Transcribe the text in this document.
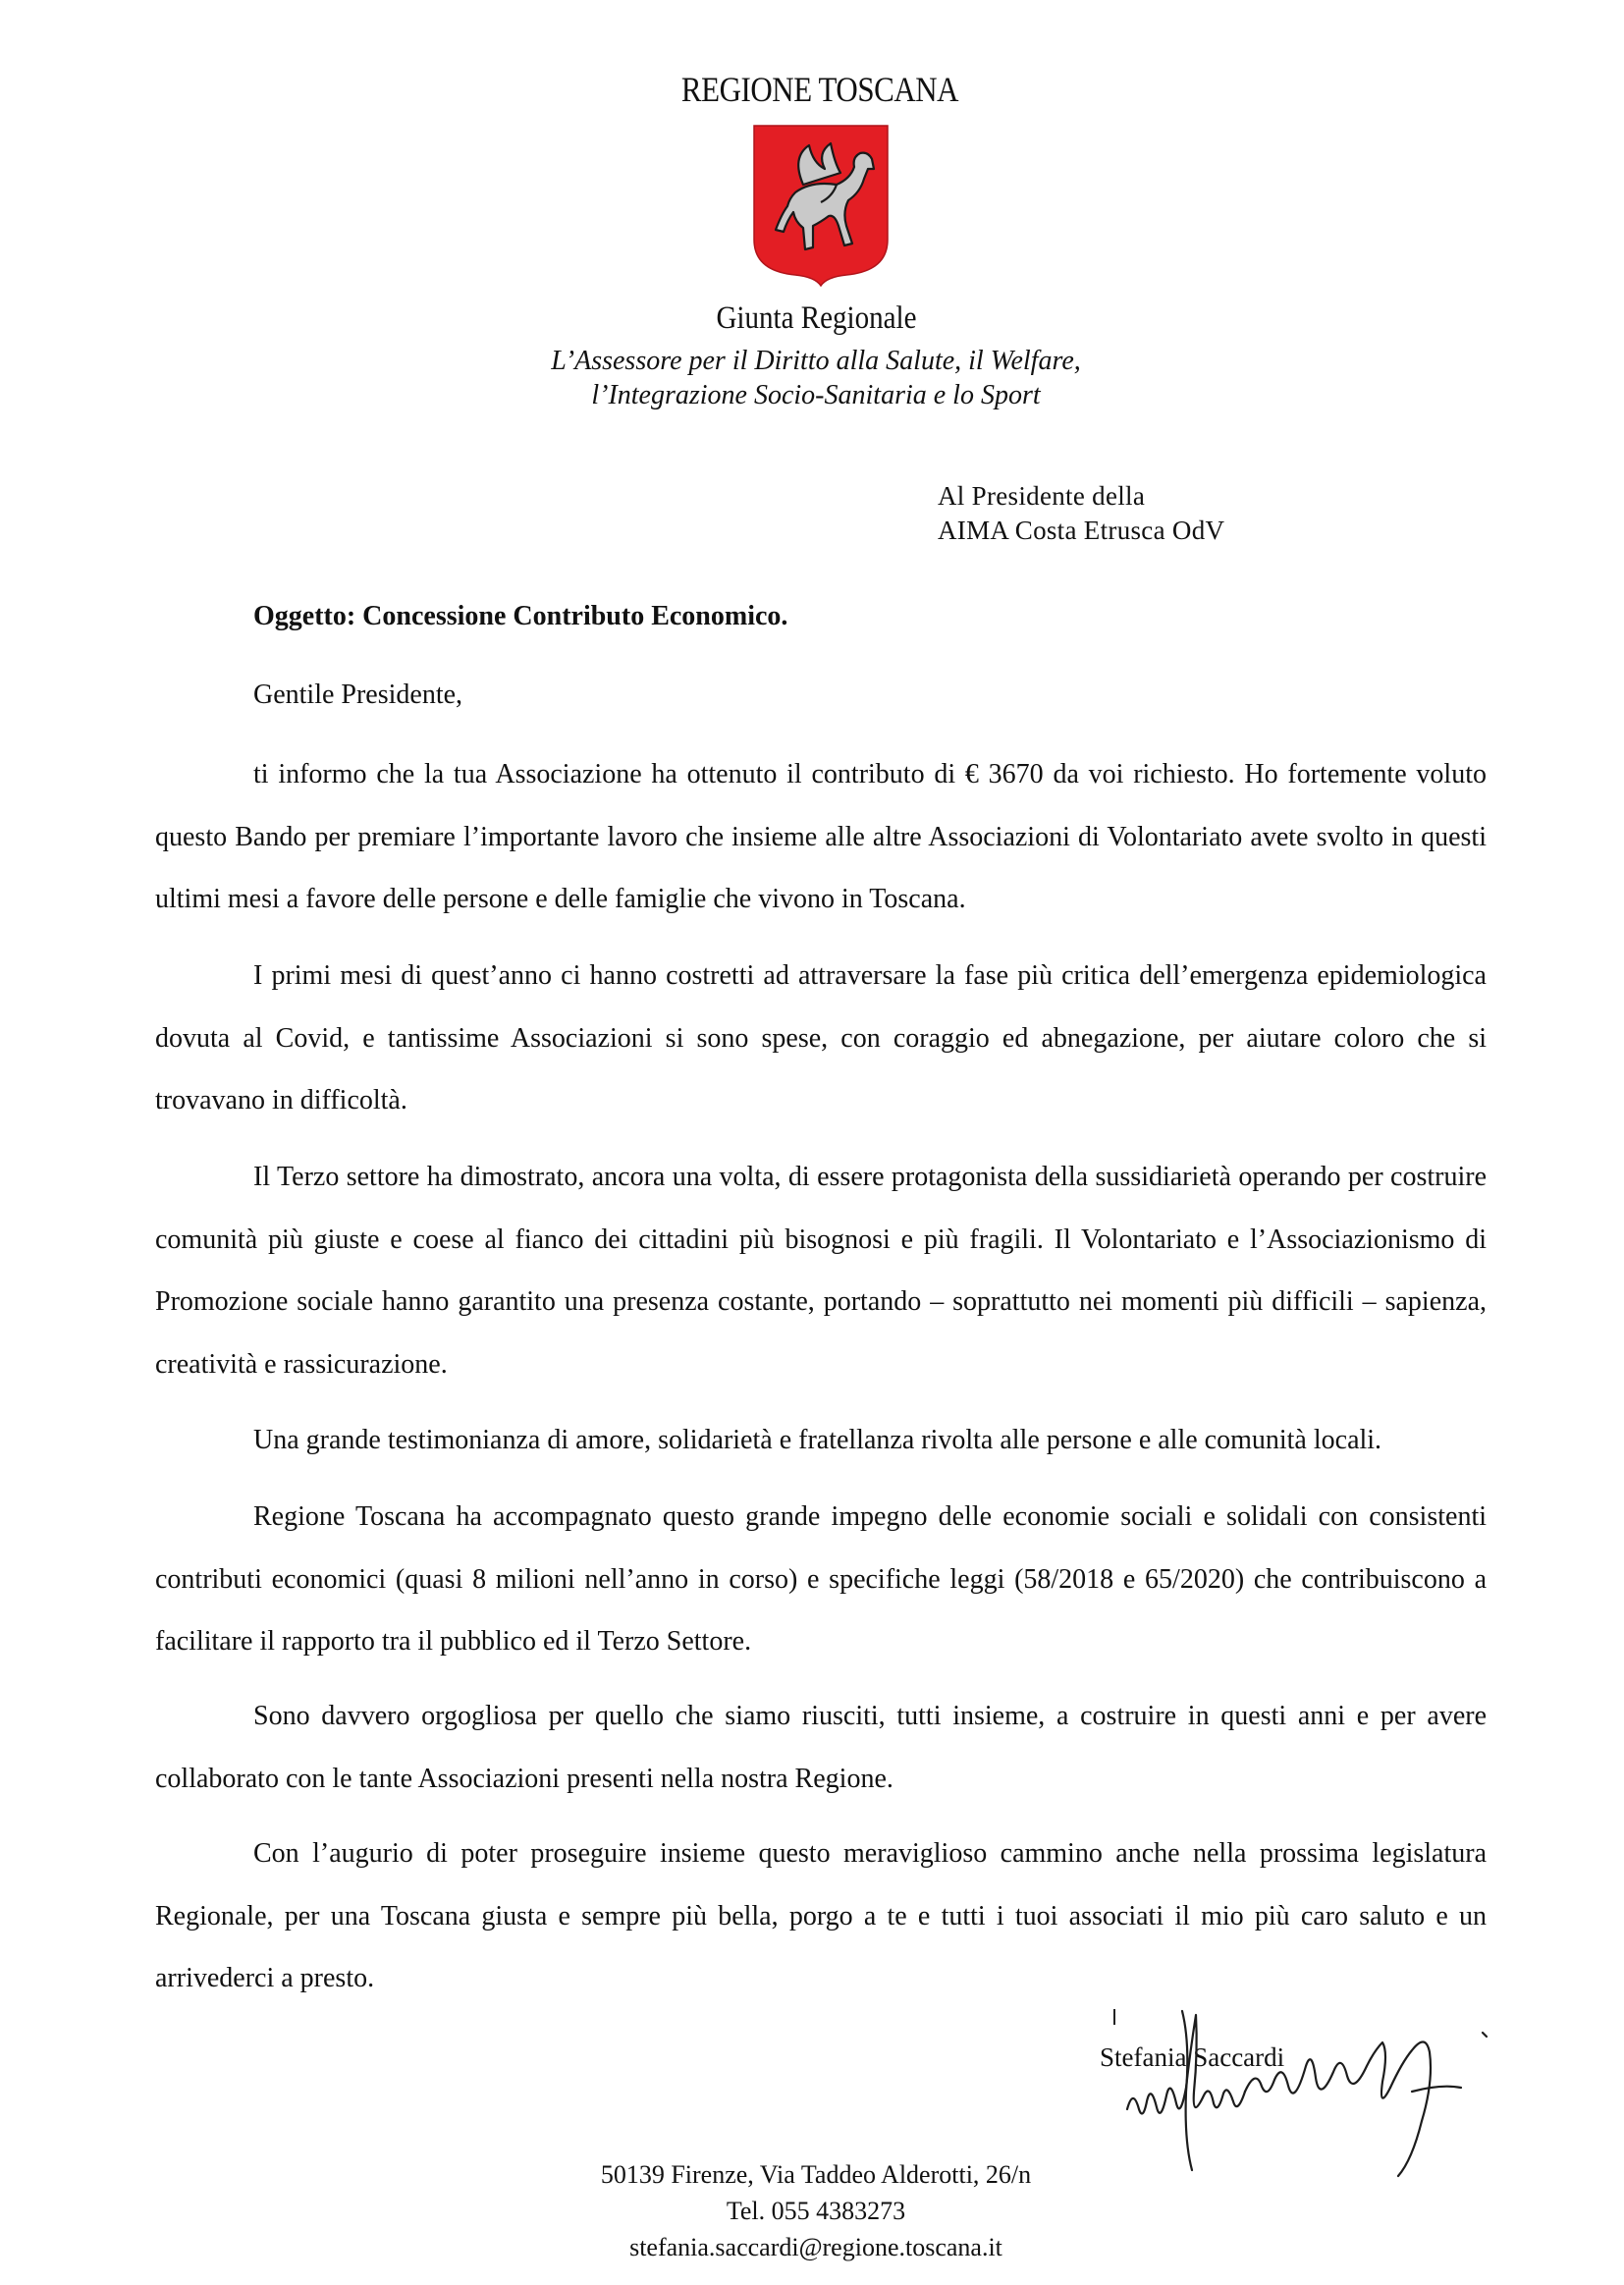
REGIONE TOSCANA
Giunta Regionale
L’Assessore per il Diritto alla Salute, il Welfare,
l’Integrazione Socio-Sanitaria e lo Sport
Al Presidente della
AIMA Costa Etrusca OdV
Oggetto: Concessione Contributo Economico.
Gentile Presidente,

ti informo che la tua Associazione ha ottenuto il contributo di € 3670 da voi richiesto. Ho fortemente voluto questo Bando per premiare l’importante lavoro che insieme alle altre Associazioni di Volontariato avete svolto in questi ultimi mesi a favore delle persone e delle famiglie che vivono in Toscana.

I primi mesi di quest’anno ci hanno costretti ad attraversare la fase più critica dell’emergenza epidemiologica dovuta al Covid, e tantissime Associazioni si sono spese, con coraggio ed abnegazione, per aiutare coloro che si trovavano in difficoltà.

Il Terzo settore ha dimostrato, ancora una volta, di essere protagonista della sussidiarietà operando per costruire comunità più giuste e coese al fianco dei cittadini più bisognosi e più fragili. Il Volontariato e l’Associazionismo di Promozione sociale hanno garantito una presenza costante, portando – soprattutto nei momenti più difficili – sapienza, creatività e rassicurazione.

Una grande testimonianza di amore, solidarietà e fratellanza rivolta alle persone e alle comunità locali.

Regione Toscana ha accompagnato questo grande impegno delle economie sociali e solidali con consistenti contributi economici (quasi 8 milioni nell’anno in corso) e specifiche leggi (58/2018 e 65/2020) che contribuiscono a facilitare il rapporto tra il pubblico ed il Terzo Settore.

Sono davvero orgogliosa per quello che siamo riusciti, tutti insieme, a costruire in questi anni e per avere collaborato con le tante Associazioni presenti nella nostra Regione.

Con l’augurio di poter proseguire insieme questo meraviglioso cammino anche nella prossima legislatura Regionale, per una Toscana giusta e sempre più bella, porgo a te e tutti i tuoi associati il mio più caro saluto e un arrivederci a presto.

Stefania Saccardi
50139 Firenze, Via Taddeo Alderotti, 26/n
Tel. 055 4383273
stefania.saccardi@regione.toscana.it
